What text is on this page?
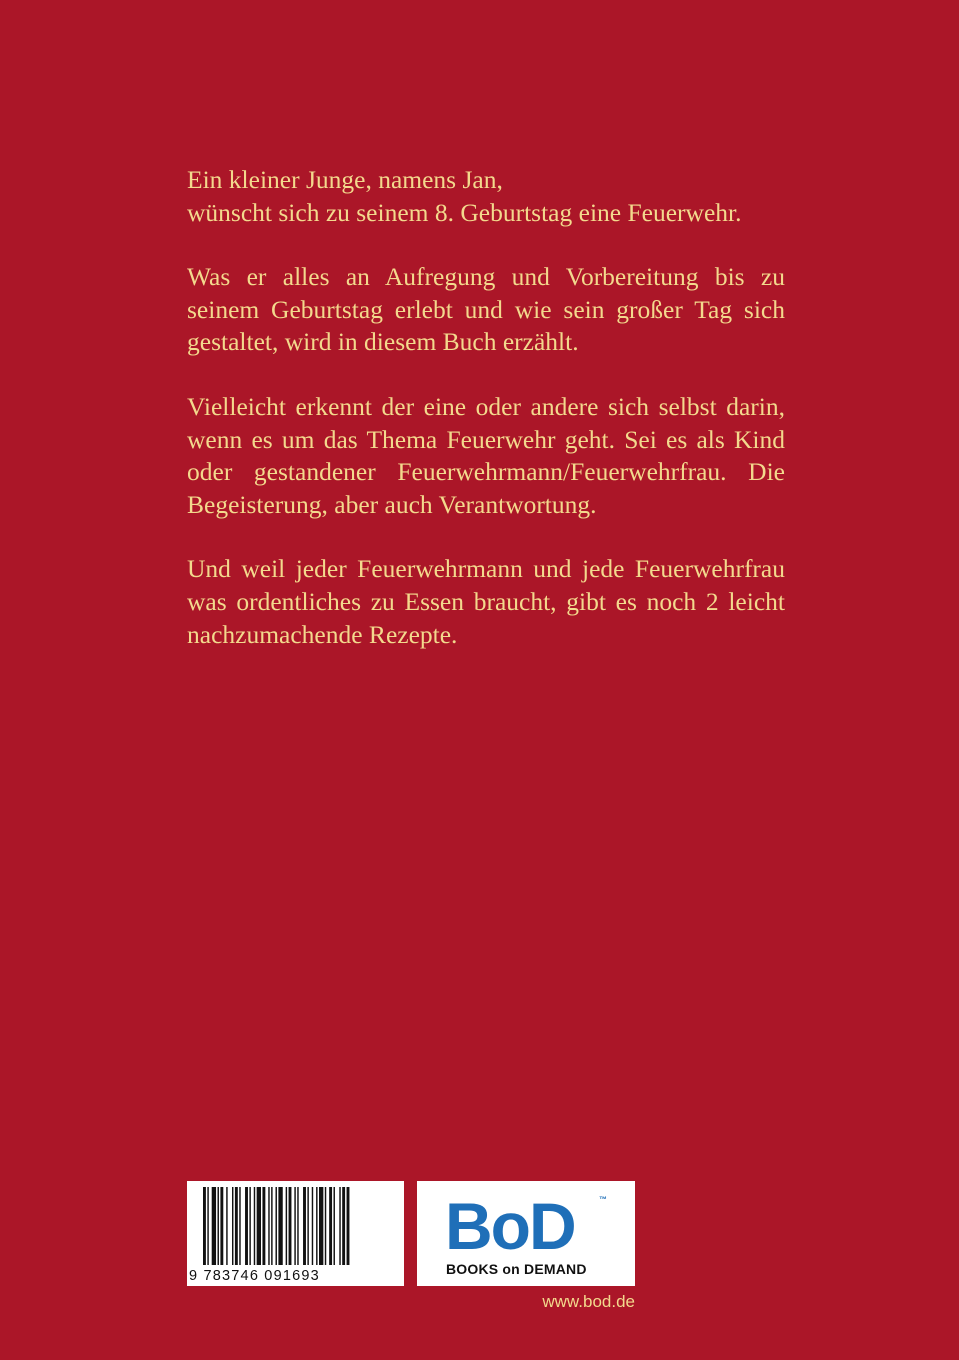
Ein kleiner Junge, namens Jan,
wünscht sich zu seinem 8. Geburtstag eine Feuerwehr.
Was er alles an Aufregung und Vorbereitung bis zu
seinem Geburtstag erlebt und wie sein großer Tag sich
gestaltet, wird in diesem Buch erzählt.
Vielleicht erkennt der eine oder andere sich selbst darin,
wenn es um das Thema Feuerwehr geht. Sei es als Kind
oder gestandener Feuerwehrmann/Feuerwehrfrau. Die
Begeisterung, aber auch Verantwortung.
Und weil jeder Feuerwehrmann und jede Feuerwehrfrau
was ordentliches zu Essen braucht, gibt es noch 2 leicht
nachzumachende Rezepte.
9 783746 091693
BoD	™
BOOKS on DEMAND
www.bod.de
